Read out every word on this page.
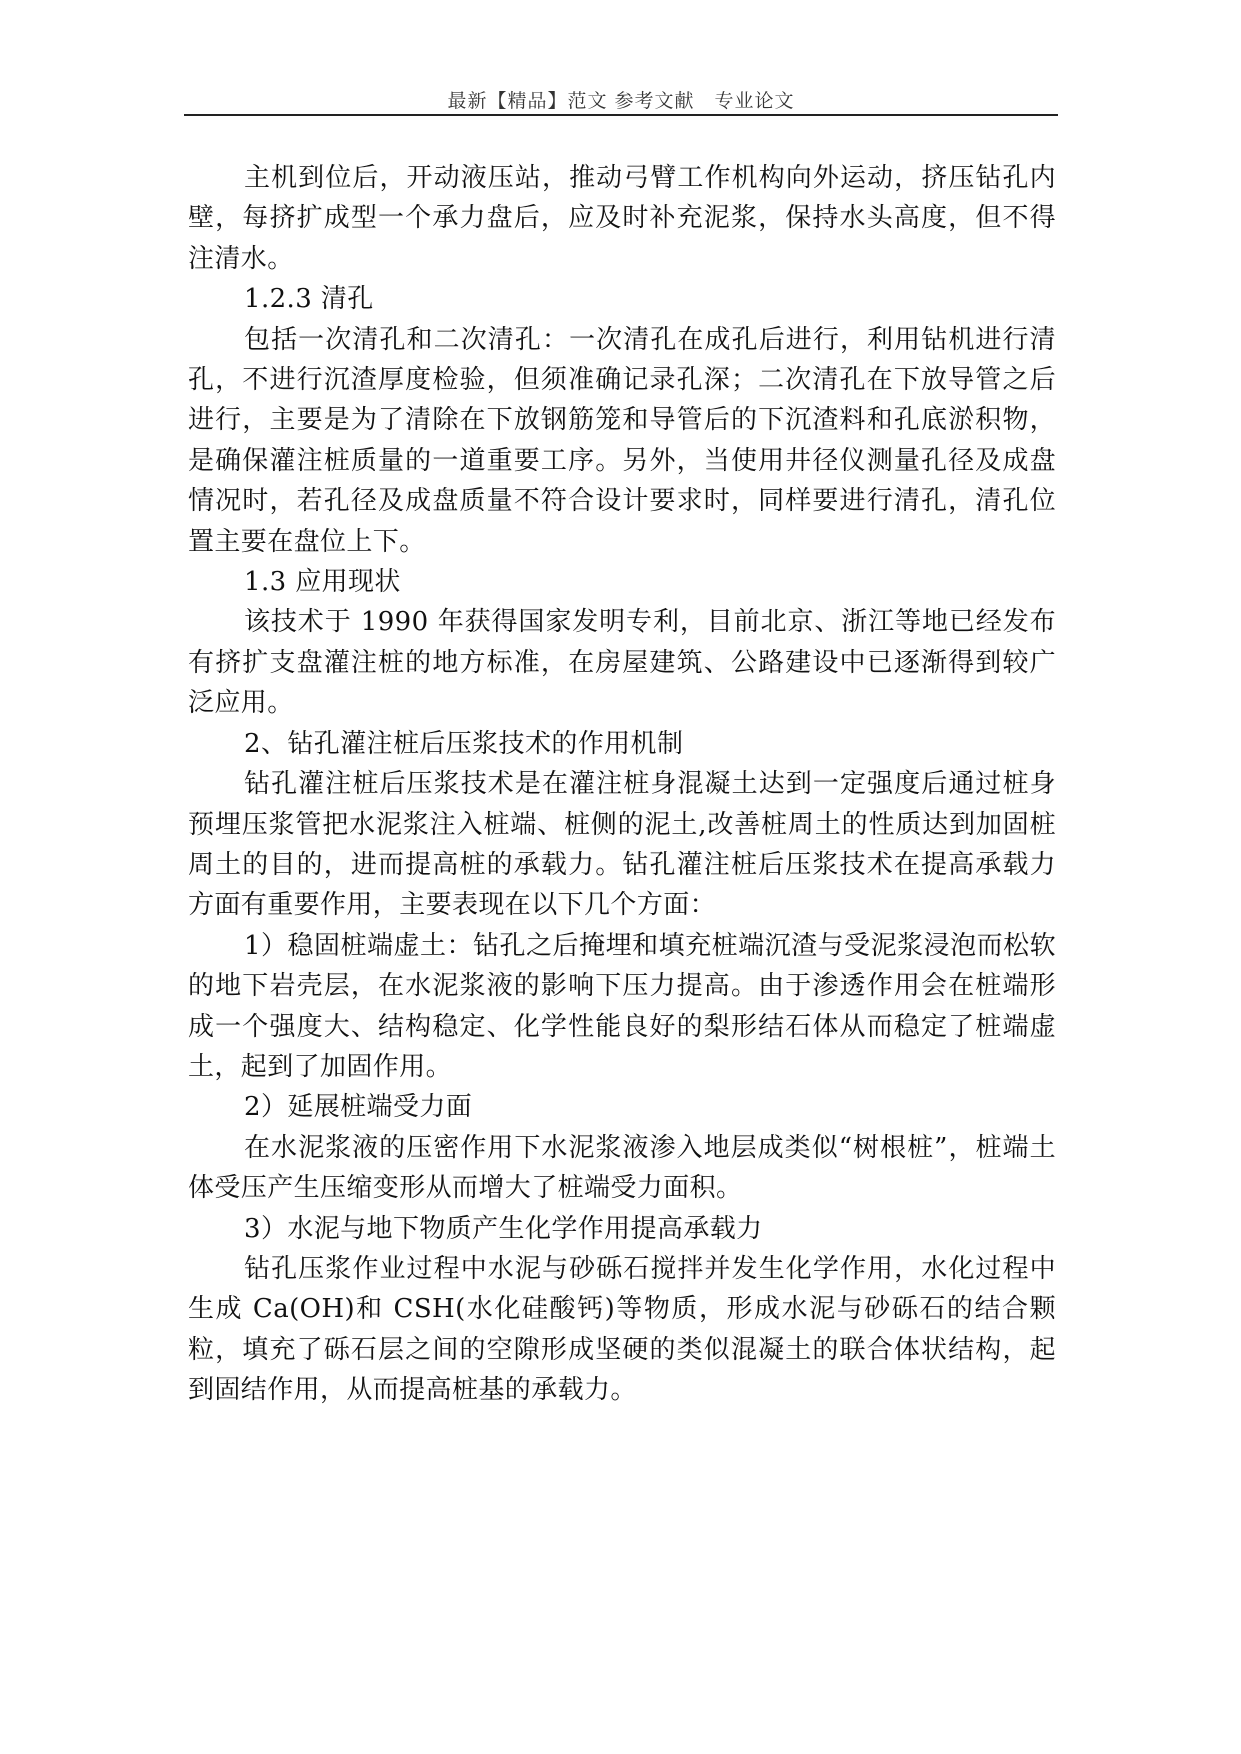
最新【精品】范文 参考文献　专业论文

主机到位后，开动液压站，推动弓臂工作机构向外运动，挤压钻孔内壁，每挤扩成型一个承力盘后，应及时补充泥浆，保持水头高度，但不得注清水。

1.2.3 清孔

包括一次清孔和二次清孔：一次清孔在成孔后进行，利用钻机进行清孔，不进行沉渣厚度检验，但须准确记录孔深；二次清孔在下放导管之后进行，主要是为了清除在下放钢筋笼和导管后的下沉渣料和孔底淤积物，是确保灌注桩质量的一道重要工序。另外，当使用井径仪测量孔径及成盘情况时，若孔径及成盘质量不符合设计要求时，同样要进行清孔，清孔位置主要在盘位上下。

1.3 应用现状

该技术于 1990 年获得国家发明专利，目前北京、浙江等地已经发布有挤扩支盘灌注桩的地方标准，在房屋建筑、公路建设中已逐渐得到较广泛应用。

2、钻孔灌注桩后压浆技术的作用机制

钻孔灌注桩后压浆技术是在灌注桩身混凝土达到一定强度后通过桩身预埋压浆管把水泥浆注入桩端、桩侧的泥土,改善桩周土的性质达到加固桩周土的目的，进而提高桩的承载力。钻孔灌注桩后压浆技术在提高承载力方面有重要作用，主要表现在以下几个方面：

1）稳固桩端虚土：钻孔之后掩埋和填充桩端沉渣与受泥浆浸泡而松软的地下岩壳层，在水泥浆液的影响下压力提高。由于渗透作用会在桩端形成一个强度大、结构稳定、化学性能良好的梨形结石体从而稳定了桩端虚土，起到了加固作用。

2）延展桩端受力面

在水泥浆液的压密作用下水泥浆液渗入地层成类似“树根桩”，桩端土体受压产生压缩变形从而增大了桩端受力面积。

3）水泥与地下物质产生化学作用提高承载力

钻孔压浆作业过程中水泥与砂砾石搅拌并发生化学作用，水化过程中生成 Ca(OH)和 CSH(水化硅酸钙)等物质，形成水泥与砂砾石的结合颗粒，填充了砾石层之间的空隙形成坚硬的类似混凝土的联合体状结构，起到固结作用，从而提高桩基的承载力。
